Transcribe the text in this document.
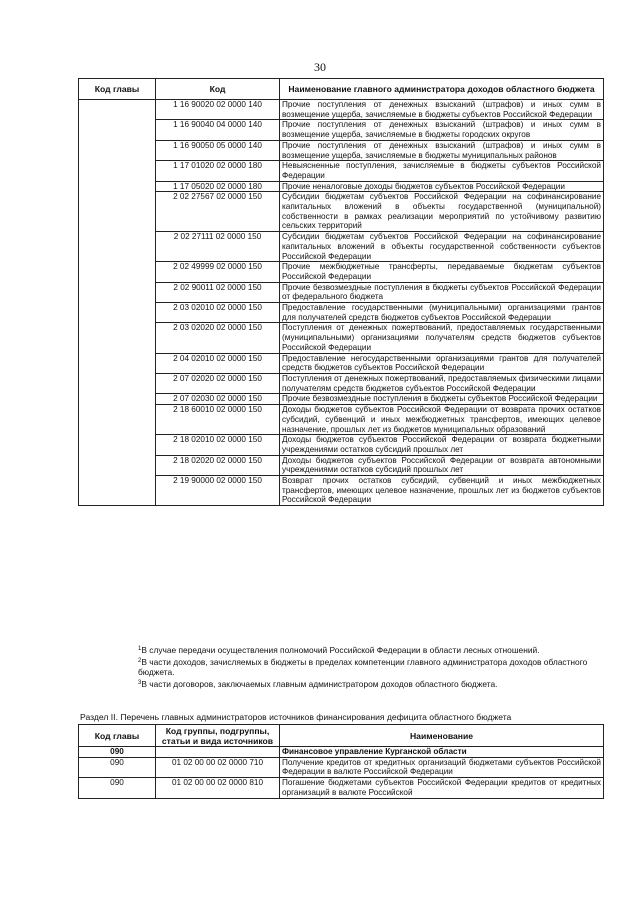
30
Код главы	Код	Наименование главного администратора доходов областного бюджета
	1 16 90020 02 0000 140	Прочие поступления от денежных взысканий (штрафов) и иных сумм в возмещение ущерба, зачисляемые в бюджеты субъектов Российской Федерации
	1 16 90040 04 0000 140	Прочие поступления от денежных взысканий (штрафов) и иных сумм в возмещение ущерба, зачисляемые в бюджеты городских округов
	1 16 90050 05 0000 140	Прочие поступления от денежных взысканий (штрафов) и иных сумм в возмещение ущерба, зачисляемые в бюджеты муниципальных районов
	1 17 01020 02 0000 180	Невыясненные поступления, зачисляемые в бюджеты субъектов Российской Федерации
	1 17 05020 02 0000 180	Прочие неналоговые доходы бюджетов субъектов Российской Федерации
	2 02 27567 02 0000 150	Субсидии бюджетам субъектов Российской Федерации на софинансирование капитальных вложений в объекты государственной (муниципальной) собственности в рамках реализации мероприятий по устойчивому развитию сельских территорий
	2 02 27111 02 0000 150	Субсидии бюджетам субъектов Российской Федерации на софинансирование капитальных вложений в объекты государственной собственности субъектов Российской Федерации
	2 02 49999 02 0000 150	Прочие межбюджетные трансферты, передаваемые бюджетам субъектов Российской Федерации
	2 02 90011 02 0000 150	Прочие безвозмездные поступления в бюджеты субъектов Российской Федерации от федерального бюджета
	2 03 02010 02 0000 150	Предоставление государственными (муниципальными) организациями грантов для получателей средств бюджетов субъектов Российской Федерации
	2 03 02020 02 0000 150	Поступления от денежных пожертвований, предоставляемых государственными (муниципальными) организациями получателям средств бюджетов субъектов Российской Федерации
	2 04 02010 02 0000 150	Предоставление негосударственными организациями грантов для получателей средств бюджетов субъектов Российской Федерации
	2 07 02020 02 0000 150	Поступления от денежных пожертвований, предоставляемых физическими лицами получателям средств бюджетов субъектов Российской Федерации
	2 07 02030 02 0000 150	Прочие безвозмездные поступления в бюджеты субъектов Российской Федерации
	2 18 60010 02 0000 150	Доходы бюджетов субъектов Российской Федерации от возврата прочих остатков субсидий, субвенций и иных межбюджетных трансфертов, имеющих целевое назначение, прошлых лет из бюджетов муниципальных образований
	2 18 02010 02 0000 150	Доходы бюджетов субъектов Российской Федерации от возврата бюджетными учреждениями остатков субсидий прошлых лет
	2 18 02020 02 0000 150	Доходы бюджетов субъектов Российской Федерации от возврата автономными учреждениями остатков субсидий прошлых лет
	2 19 90000 02 0000 150	Возврат прочих остатков субсидий, субвенций и иных межбюджетных трансфертов, имеющих целевое назначение, прошлых лет из бюджетов субъектов Российской Федерации
$^1$В случае передачи осуществления полномочий Российской Федерации в области лесных отношений.
$^2$В части доходов, зачисляемых в бюджеты в пределах компетенции главного администратора доходов областного бюджета.
$^3$В части договоров, заключаемых главным администратором доходов областного бюджета.
Раздел II. Перечень главных администраторов источников финансирования дефицита областного бюджета
Код главы	Код группы, подгруппы, статьи и вида источников	Наименование
090		Финансовое управление Курганской области
090	01 02 00 00 02 0000 710	Получение кредитов от кредитных организаций бюджетами субъектов Российской Федерации в валюте Российской Федерации
090	01 02 00 00 02 0000 810	Погашение бюджетами субъектов Российской Федерации кредитов от кредитных организаций в валюте Российской
